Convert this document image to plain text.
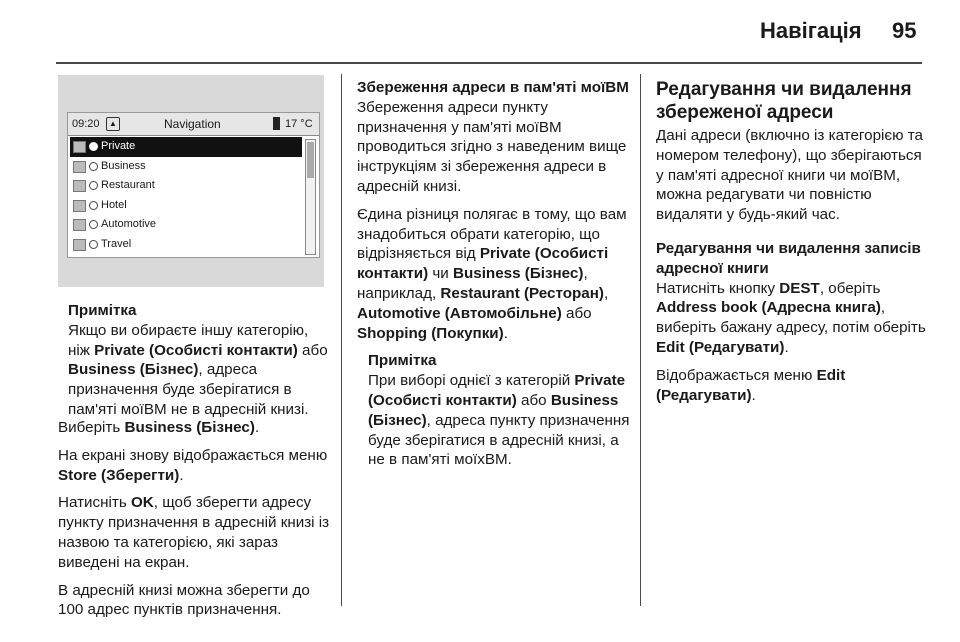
Навігація 95
09:20	▲	Navigation	17 °C
Private
Business
Restaurant
Hotel
Automotive
Travel
Примітка
Якщо ви обираєте іншу категорію, ніж Private (Особисті контакти) або Business (Бізнес), адреса призначення буде зберігатися в пам'яті моїВМ не в адресній книзі.

Виберіть Business (Бізнес).

На екрані знову відображається меню Store (Зберегти).

Натисніть OK, щоб зберегти адресу пункту призначення в адресній книзі із назвою та категорією, які зараз виведені на екран.

В адресній книзі можна зберегти до 100 адрес пунктів призначення.

Збереження адреси в пам'яті моїВМ

Збереження адреси пункту призначення у пам'яті моїВМ проводиться згідно з наведеним вище інструкціям зі збереження адреси в адресній книзі.

Єдина різниця полягає в тому, що вам знадобиться обрати категорію, що відрізняється від Private (Особисті контакти) чи Business (Бізнес), наприклад, Restaurant (Ресторан), Automotive (Автомобільне) або Shopping (Покупки).

Примітка
При виборі однієї з категорій Private (Особисті контакти) або Business (Бізнес), адреса пункту призначення буде зберігатися в адресній книзі, а не в пам'яті моїхВМ.
Редагування чи видалення збереженої адреси

Дані адреси (включно із категорією та номером телефону), що зберігаються у пам'яті адресної книги чи моїВМ, можна редагувати чи повністю видаляти у будь-який час.

Редагування чи видалення записів адресної книги

Натисніть кнопку DEST, оберіть Address book (Адресна книга), виберіть бажану адресу, потім оберіть Edit (Редагувати).

Відображається меню Edit (Редагувати).
